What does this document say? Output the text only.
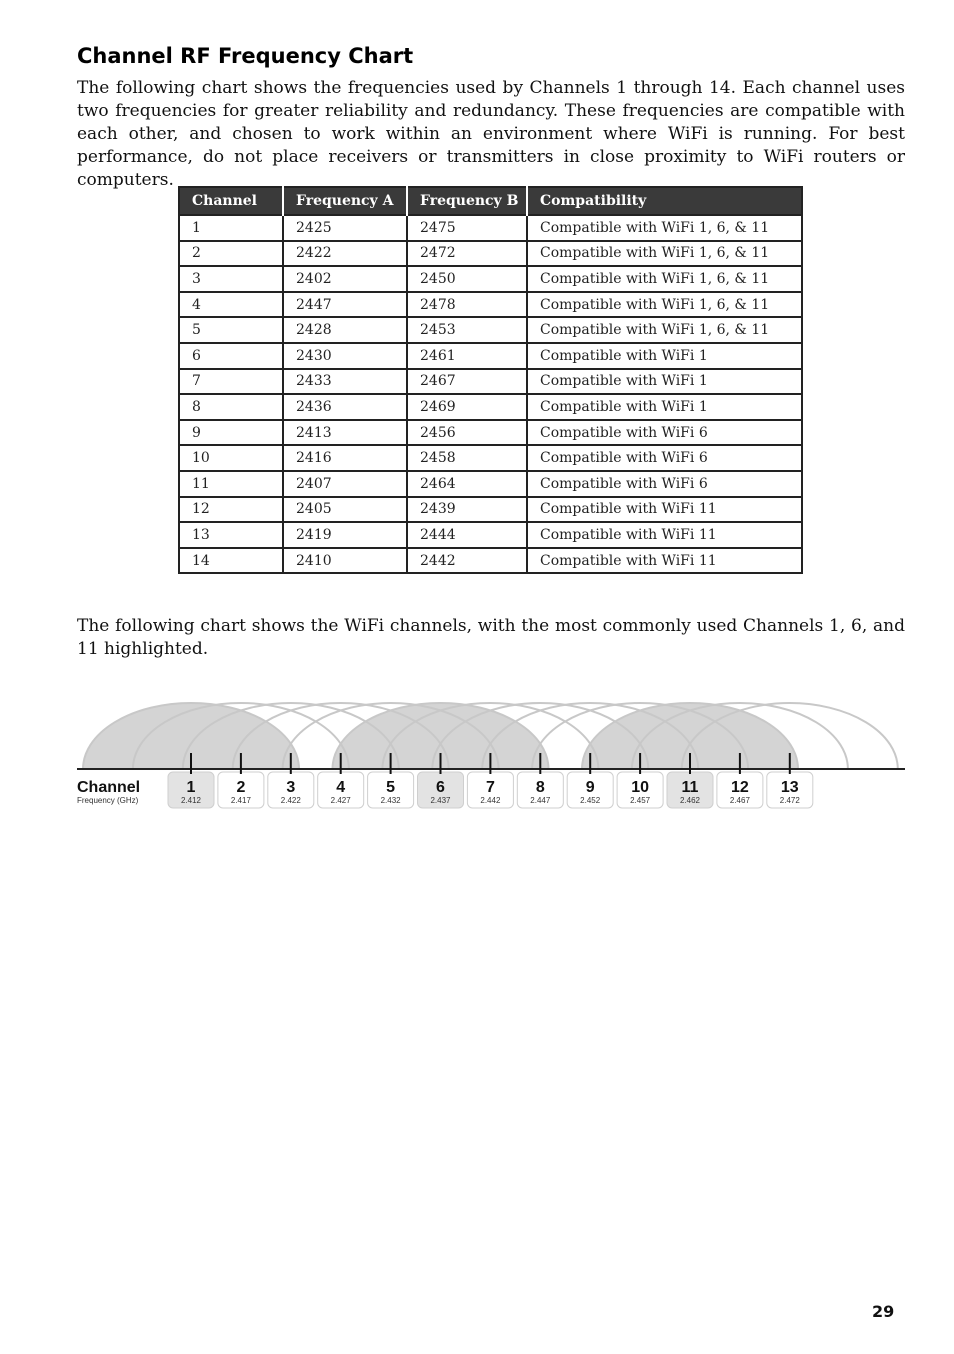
Channel RF Frequency Chart

The following chart shows the frequencies used by Channels 1 through 14. Each channel uses two frequencies for greater reliability and redundancy. These frequencies are compatible with each other, and chosen to work within an environment where WiFi is running. For best performance, do not place receivers or transmitters in close proximity to WiFi routers or computers.

Channel	Frequency A	Frequency B	Compatibility
1	2425	2475	Compatible with WiFi 1, 6, & 11
2	2422	2472	Compatible with WiFi 1, 6, & 11
3	2402	2450	Compatible with WiFi 1, 6, & 11
4	2447	2478	Compatible with WiFi 1, 6, & 11
5	2428	2453	Compatible with WiFi 1, 6, & 11
6	2430	2461	Compatible with WiFi 1
7	2433	2467	Compatible with WiFi 1
8	2436	2469	Compatible with WiFi 1
9	2413	2456	Compatible with WiFi 6
10	2416	2458	Compatible with WiFi 6
11	2407	2464	Compatible with WiFi 6
12	2405	2439	Compatible with WiFi 11
13	2419	2444	Compatible with WiFi 11
14	2410	2442	Compatible with WiFi 11

The following chart shows the WiFi channels, with the most commonly used Channels 1, 6, and 11 highlighted.

Channel
Frequency (GHz)
1
2.412
2
2.417
3
2.422
4
2.427
5
2.432
6
2.437
7
2.442
8
2.447
9
2.452
10
2.457
11
2.462
12
2.467
13
2.472

29
